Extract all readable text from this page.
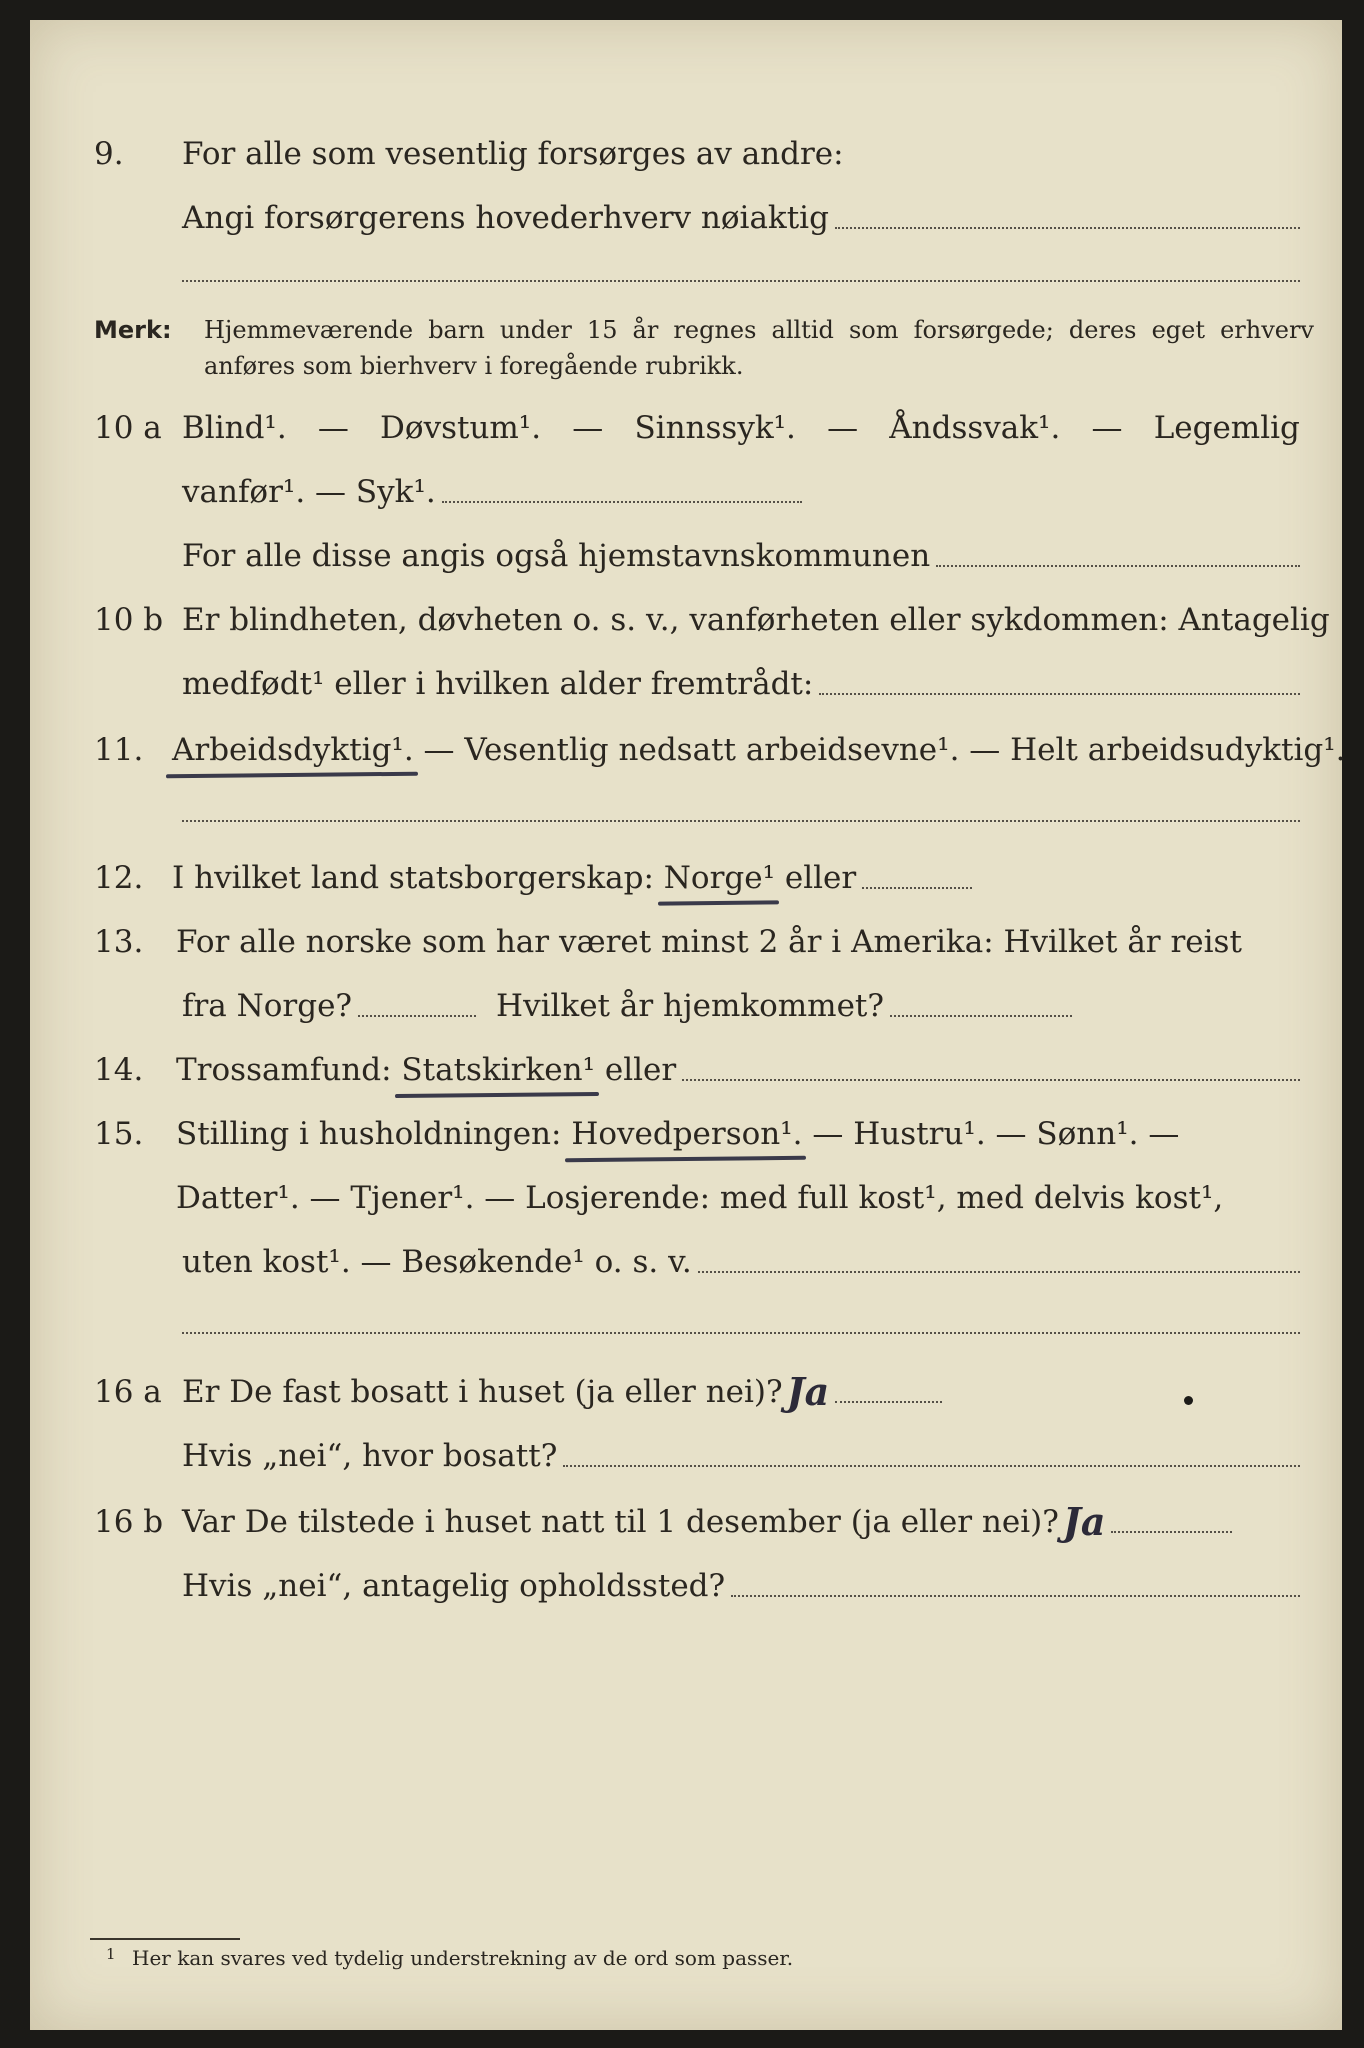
9. For alle som vesentlig forsørges av andre:
Angi forsørgerens hovederhverv nøiaktig
Merk: Hjemmeværende barn under 15 år regnes alltid som forsørgede; deres eget erhverv
anføres som bierhverv i foregående rubrikk.
10 a Blind¹. — Døvstum¹. — Sinnssyk¹. — Åndssvak¹. — Legemlig
vanfør¹. — Syk¹.
For alle disse angis også hjemstavnskommunen
10 b Er blindheten, døvheten o. s. v., vanførheten eller sykdommen: Antagelig
medfødt¹ eller i hvilken alder fremtrådt:
11. Arbeidsdyktig¹. — Vesentlig nedsatt arbeidsevne¹. — Helt arbeidsudyktig¹.
12. I hvilket land statsborgerskap: Norge¹ eller
13. For alle norske som har været minst 2 år i Amerika: Hvilket år reist
fra Norge?	Hvilket år hjemkommet?
14. Trossamfund: Statskirken¹ eller
15. Stilling i husholdningen: Hovedperson¹. — Hustru¹. — Sønn¹. —
Datter¹. — Tjener¹. — Losjerende: med full kost¹, med delvis kost¹,
uten kost¹. — Besøkende¹ o. s. v.
16 a Er De fast bosatt i huset (ja eller nei)? Ja
Hvis „nei“, hvor bosatt?
16 b Var De tilstede i huset natt til 1 desember (ja eller nei)? Ja
Hvis „nei“, antagelig opholdssted?
1 Her kan svares ved tydelig understrekning av de ord som passer.
